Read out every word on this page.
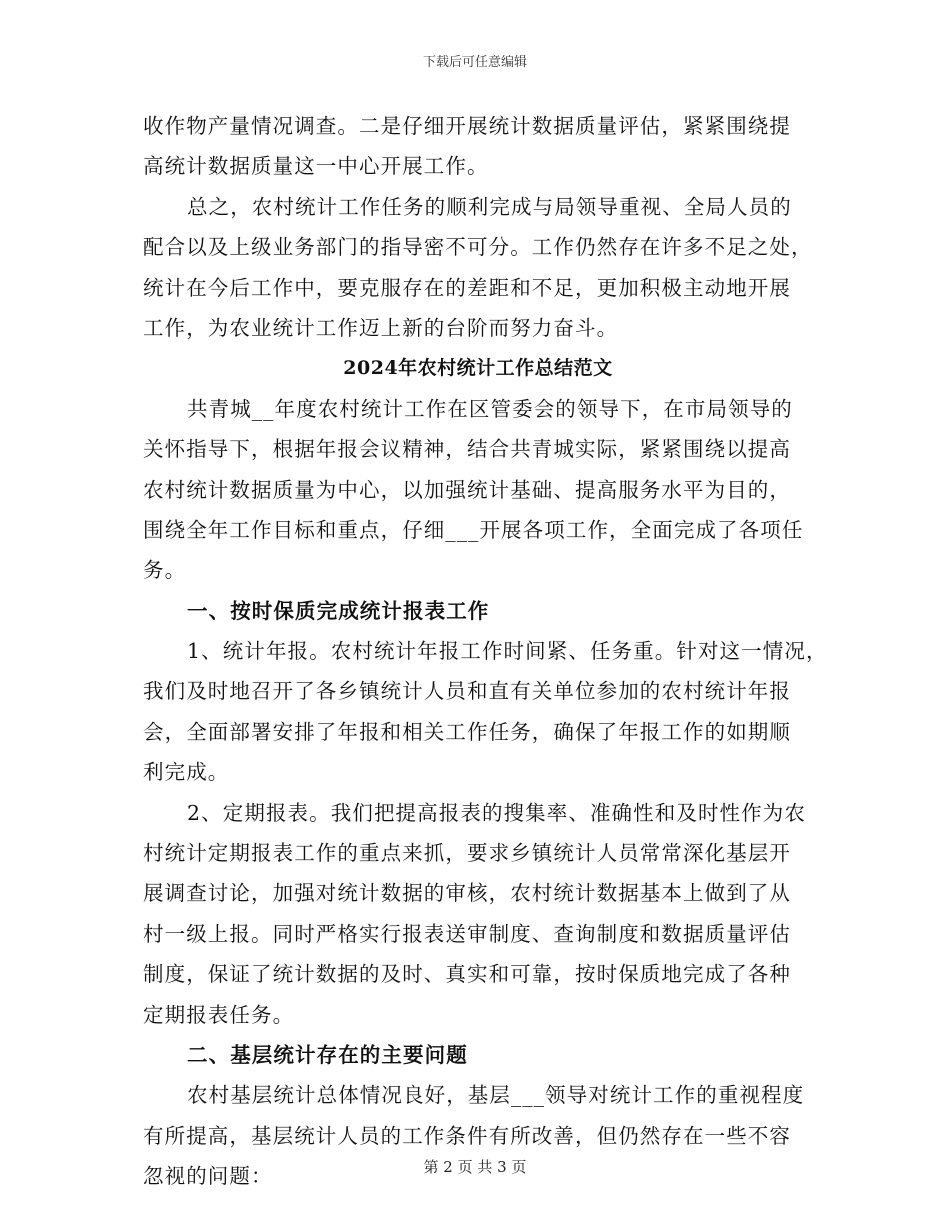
下载后可任意编辑
收作物产量情况调查。二是仔细开展统计数据质量评估，紧紧围绕提
高统计数据质量这一中心开展工作。
总之，农村统计工作任务的顺利完成与局领导重视、全局人员的
配合以及上级业务部门的指导密不可分。工作仍然存在许多不足之处，
统计在今后工作中，要克服存在的差距和不足，更加积极主动地开展
工作，为农业统计工作迈上新的台阶而努力奋斗。
2024年农村统计工作总结范文
共青城__年度农村统计工作在区管委会的领导下，在市局领导的
关怀指导下，根据年报会议精神，结合共青城实际，紧紧围绕以提高
农村统计数据质量为中心，以加强统计基础、提高服务水平为目的，
围绕全年工作目标和重点，仔细___开展各项工作，全面完成了各项任
务。
一、按时保质完成统计报表工作
1、统计年报。农村统计年报工作时间紧、任务重。针对这一情况，
我们及时地召开了各乡镇统计人员和直有关单位参加的农村统计年报
会，全面部署安排了年报和相关工作任务，确保了年报工作的如期顺
利完成。
2、定期报表。我们把提高报表的搜集率、准确性和及时性作为农
村统计定期报表工作的重点来抓，要求乡镇统计人员常常深化基层开
展调查讨论，加强对统计数据的审核，农村统计数据基本上做到了从
村一级上报。同时严格实行报表送审制度、查询制度和数据质量评估
制度，保证了统计数据的及时、真实和可靠，按时保质地完成了各种
定期报表任务。
二、基层统计存在的主要问题
农村基层统计总体情况良好，基层___领导对统计工作的重视程度
有所提高，基层统计人员的工作条件有所改善，但仍然存在一些不容
忽视的问题：	第 2 页 共 3 页
